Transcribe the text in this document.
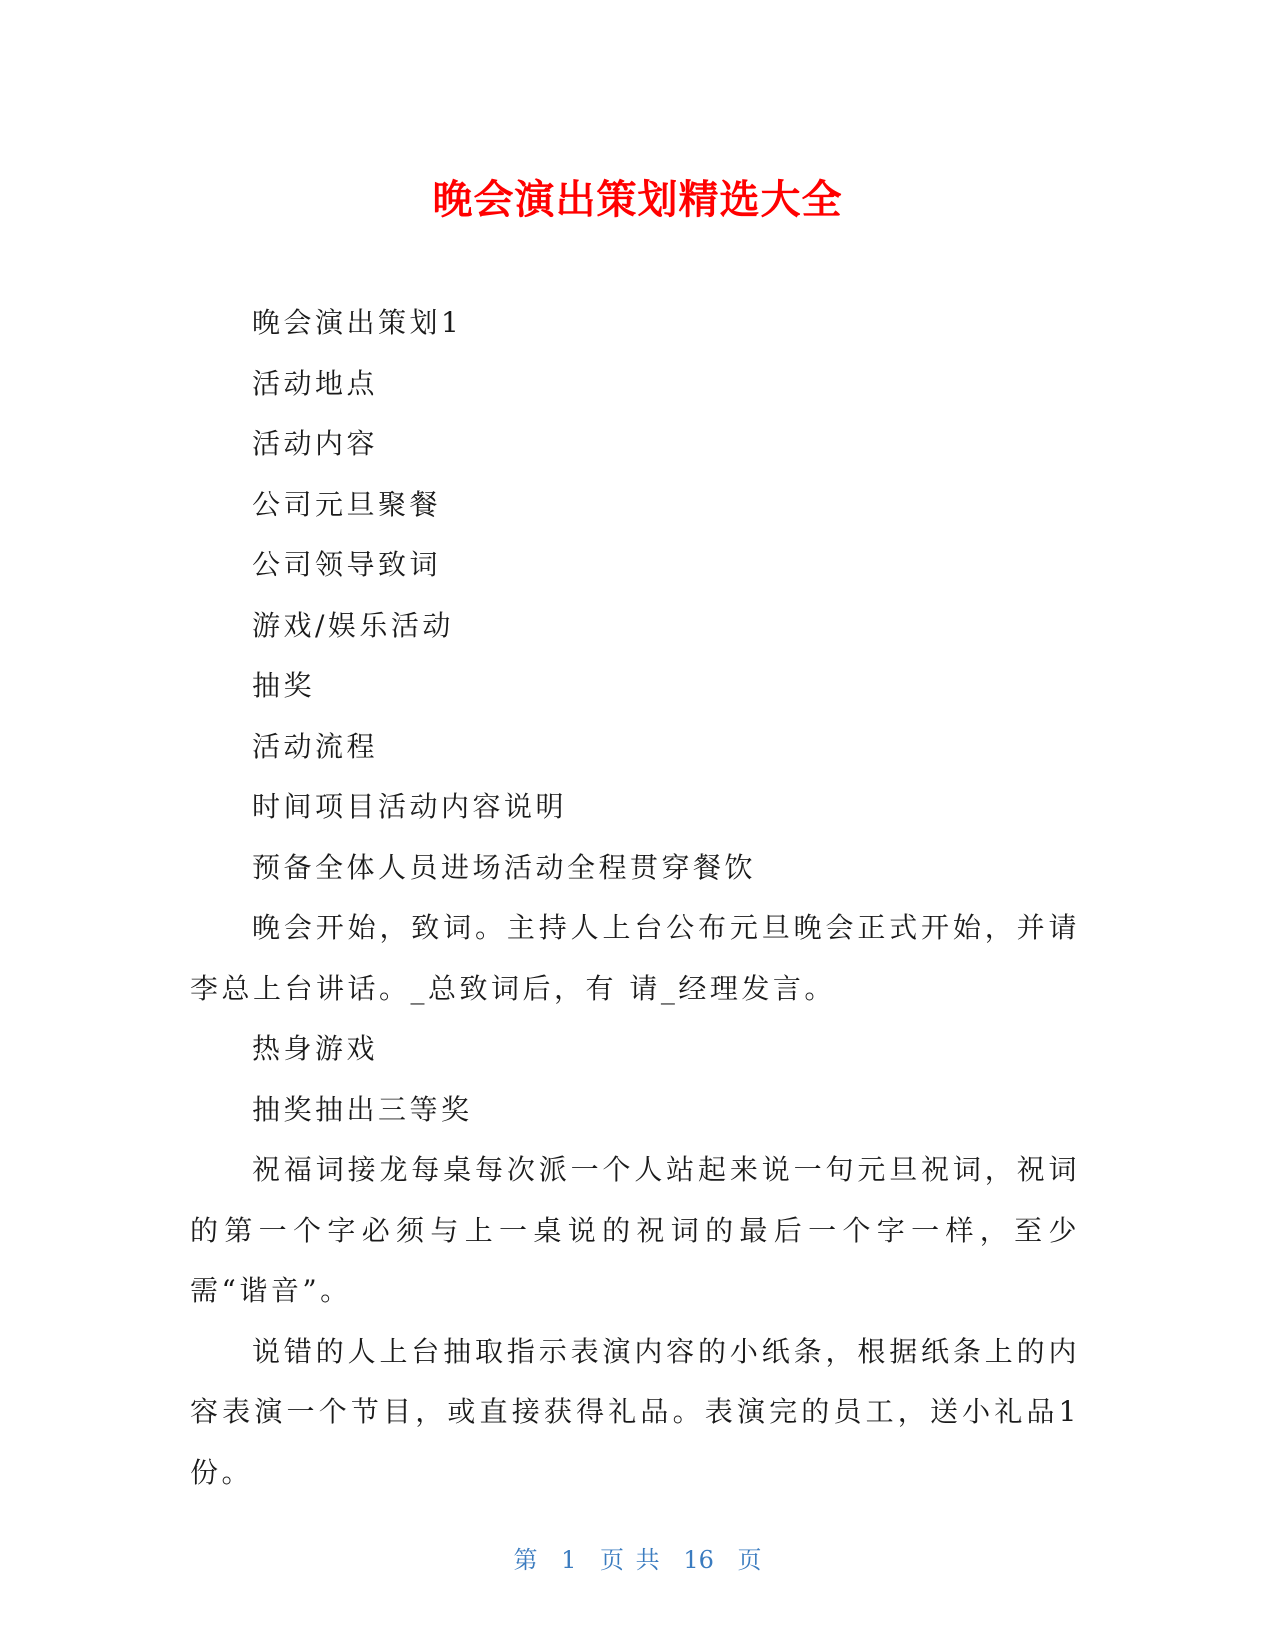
晚会演出策划精选大全

晚会演出策划1

活动地点

活动内容

公司元旦聚餐

公司领导致词

游戏/娱乐活动

抽奖

活动流程

时间项目活动内容说明

预备全体人员进场活动全程贯穿餐饮

晚会开始，致词。主持人上台公布元旦晚会正式开始，并请李总上台讲话。_总致词后，有 请_经理发言。

热身游戏

抽奖抽出三等奖

祝福词接龙每桌每次派一个人站起来说一句元旦祝词，祝词的第一个字必须与上一桌说的祝词的最后一个字一样，至少需“谐音”。

说错的人上台抽取指示表演内容的小纸条，根据纸条上的内容表演一个节目，或直接获得礼品。表演完的员工，送小礼品1份。

第 1 页 共 16 页
